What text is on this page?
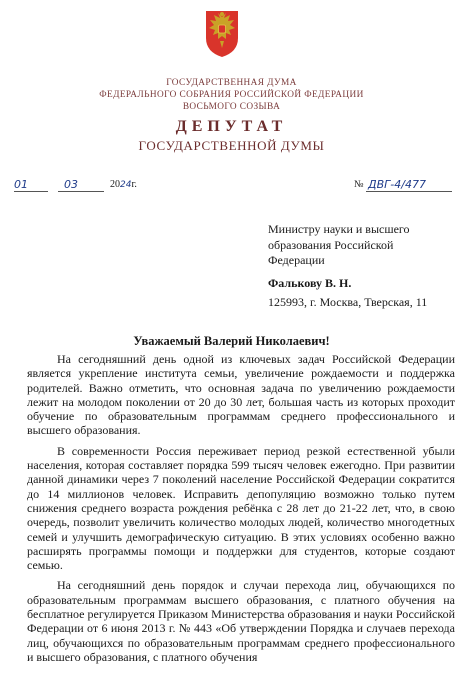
ГОСУДАРСТВЕННАЯ ДУМА
ФЕДЕРАЛЬНОГО СОБРАНИЯ РОССИЙСКОЙ ФЕДЕРАЦИИ
ВОСЬМОГО СОЗЫВА
ДЕПУТАТ
ГОСУДАРСТВЕННОЙ ДУМЫ
01	03	2024г.	№ ДВГ-4/477
Министру науки и высшего
образования Российской
Федерации
Фалькову В. Н.
125993, г. Москва, Тверская, 11
Уважаемый Валерий Николаевич!

На сегодняшний день одной из ключевых задач Российской Федерации является укрепление института семьи, увеличение рождаемости и поддержка родителей. Важно отметить, что основная задача по увеличению рождаемости лежит на молодом поколении от 20 до 30 лет, большая часть из которых проходит обучение по образовательным программам среднего профессионального и высшего образования.

В современности Россия переживает период резкой естественной убыли населения, которая составляет порядка 599 тысяч человек ежегодно. При развитии данной динамики через 7 поколений население Российской Федерации сократится до 14 миллионов человек. Исправить депопуляцию возможно только путем снижения среднего возраста рождения ребёнка с 28 лет до 21-22 лет, что, в свою очередь, позволит увеличить количество молодых людей, количество многодетных семей и улучшить демографическую ситуацию. В этих условиях особенно важно расширять программы помощи и поддержки для студентов, которые создают семью.

На сегодняшний день порядок и случаи перехода лиц, обучающихся по образовательным программам высшего образования, с платного обучения на бесплатное регулируется Приказом Министерства образования и науки Российской Федерации от 6 июня 2013 г. № 443 «Об утверждении Порядка и случаев перехода лиц, обучающихся по образовательным программам среднего профессионального и высшего образования, с платного обучения
